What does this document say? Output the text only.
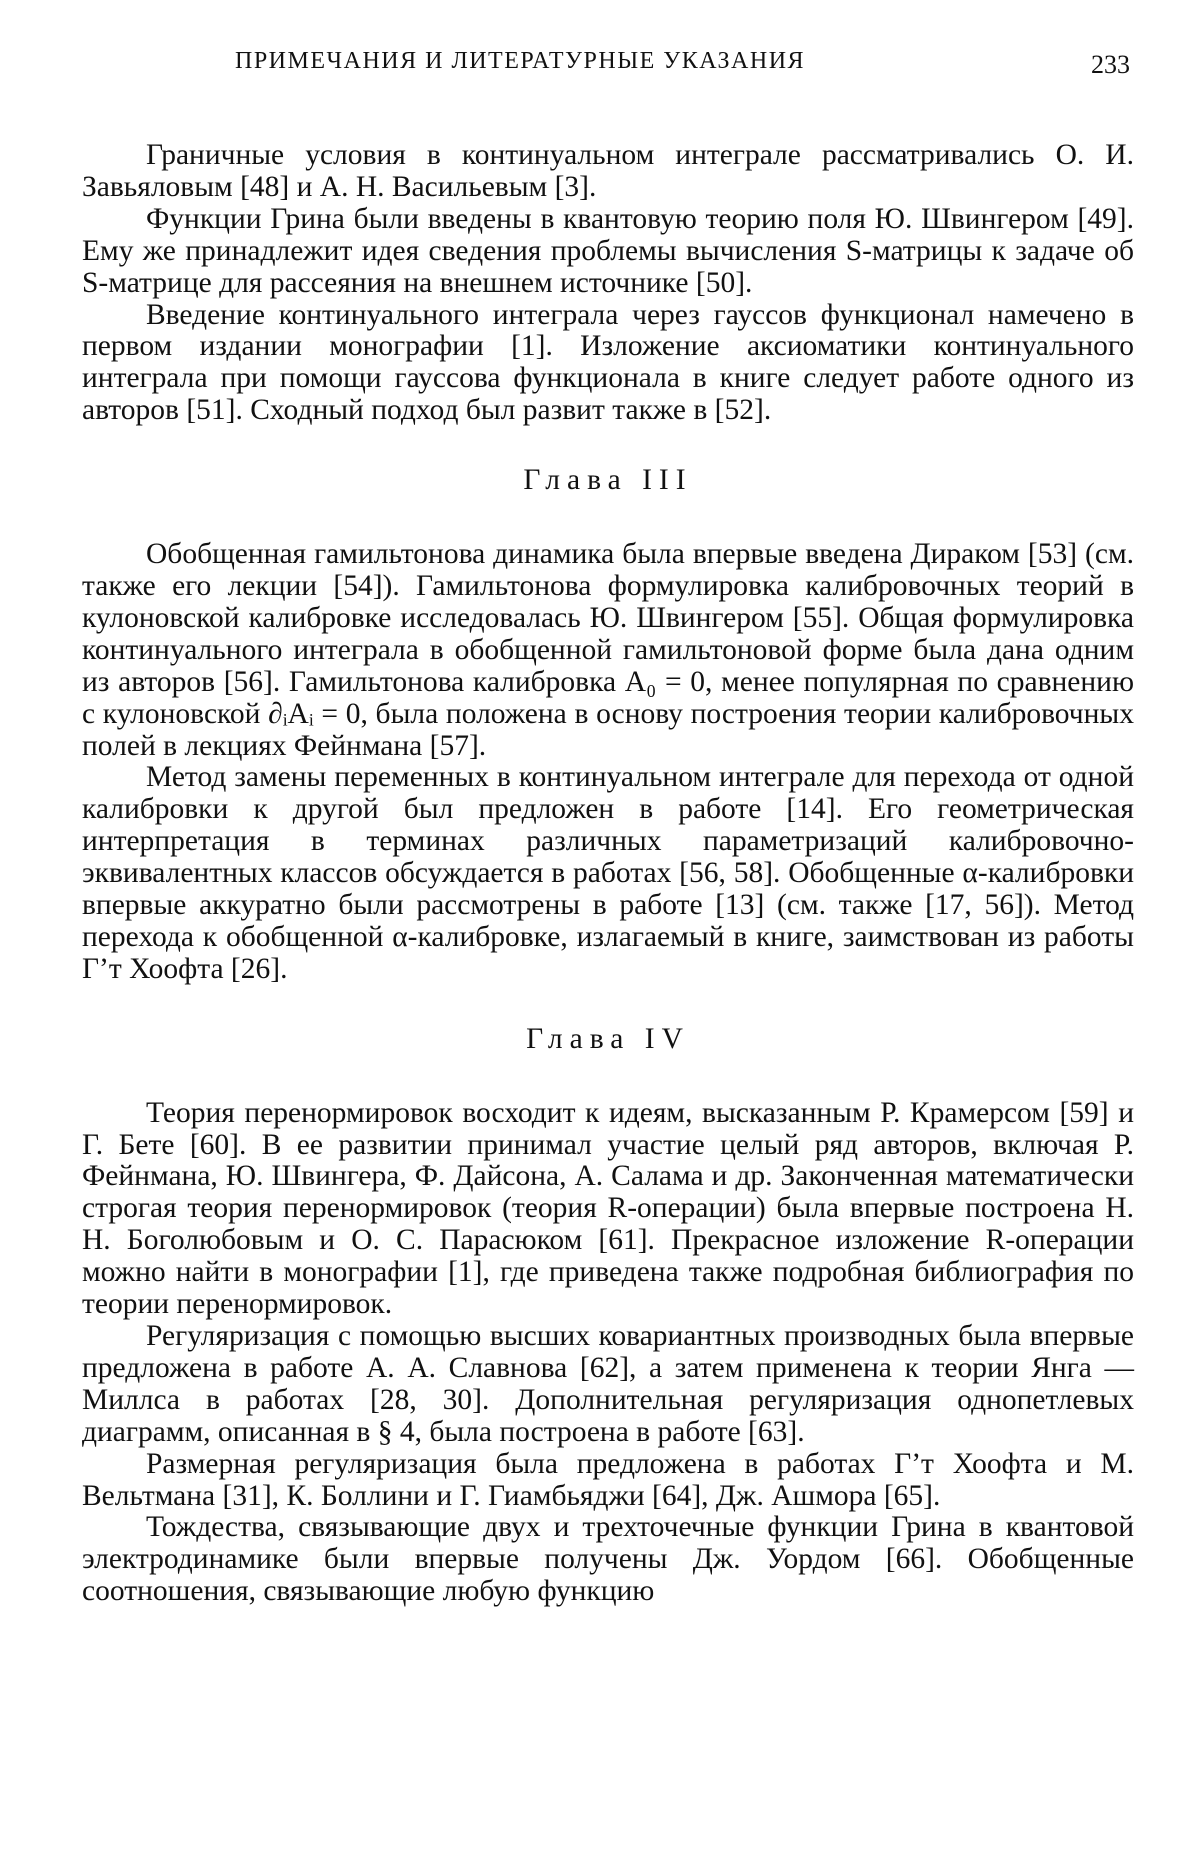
ПРИМЕЧАНИЯ И ЛИТЕРАТУРНЫЕ УКАЗАНИЯ	233

Граничные условия в континуальном интеграле рассматривались О. И. Завьяловым [48] и А. Н. Васильевым [3].

Функции Грина были введены в квантовую теорию поля Ю. Швингером [49]. Ему же принадлежит идея сведения проблемы вычисления S-матрицы к задаче об S-матрице для рассеяния на внешнем источнике [50].

Введение континуального интеграла через гауссов функционал намечено в первом издании монографии [1]. Изложение аксиоматики континуального интеграла при помощи гауссова функционала в книге следует работе одного из авторов [51]. Сходный подход был развит также в [52].

Глава III

Обобщенная гамильтонова динамика была впервые введена Дираком [53] (см. также его лекции [54]). Гамильтонова формулировка калибровочных теорий в кулоновской калибровке исследовалась Ю. Швингером [55]. Общая формулировка континуального интеграла в обобщенной гамильтоновой форме была дана одним из авторов [56]. Гамильтонова калибровка A₀ = 0, менее популярная по сравнению с кулоновской ∂ᵢAᵢ = 0, была положена в основу построения теории калибровочных полей в лекциях Фейнмана [57].

Метод замены переменных в континуальном интеграле для перехода от одной калибровки к другой был предложен в работе [14]. Его геометрическая интерпретация в терминах различных параметризаций калибровочно-эквивалентных классов обсуждается в работах [56, 58]. Обобщенные α-калибровки впервые аккуратно были рассмотрены в работе [13] (см. также [17, 56]). Метод перехода к обобщенной α-калибровке, излагаемый в книге, заимствован из работы Г’т Хоофта [26].

Глава IV

Теория перенормировок восходит к идеям, высказанным Р. Крамерсом [59] и Г. Бете [60]. В ее развитии принимал участие целый ряд авторов, включая Р. Фейнмана, Ю. Швингера, Ф. Дайсона, А. Салама и др. Законченная математически строгая теория перенормировок (теория R-операции) была впервые построена Н. Н. Боголюбовым и О. С. Парасюком [61]. Прекрасное изложение R-операции можно найти в монографии [1], где приведена также подробная библиография по теории перенормировок.

Регуляризация с помощью высших ковариантных производных была впервые предложена в работе А. А. Славнова [62], а затем применена к теории Янга — Миллса в работах [28, 30]. Дополнительная регуляризация однопетлевых диаграмм, описанная в § 4, была построена в работе [63].

Размерная регуляризация была предложена в работах Г’т Хоофта и М. Вельтмана [31], К. Боллини и Г. Гиамбьяджи [64], Дж. Ашмора [65].

Тождества, связывающие двух и трехточечные функции Грина в квантовой электродинамике были впервые получены Дж. Уордом [66]. Обобщенные соотношения, связывающие любую функцию
